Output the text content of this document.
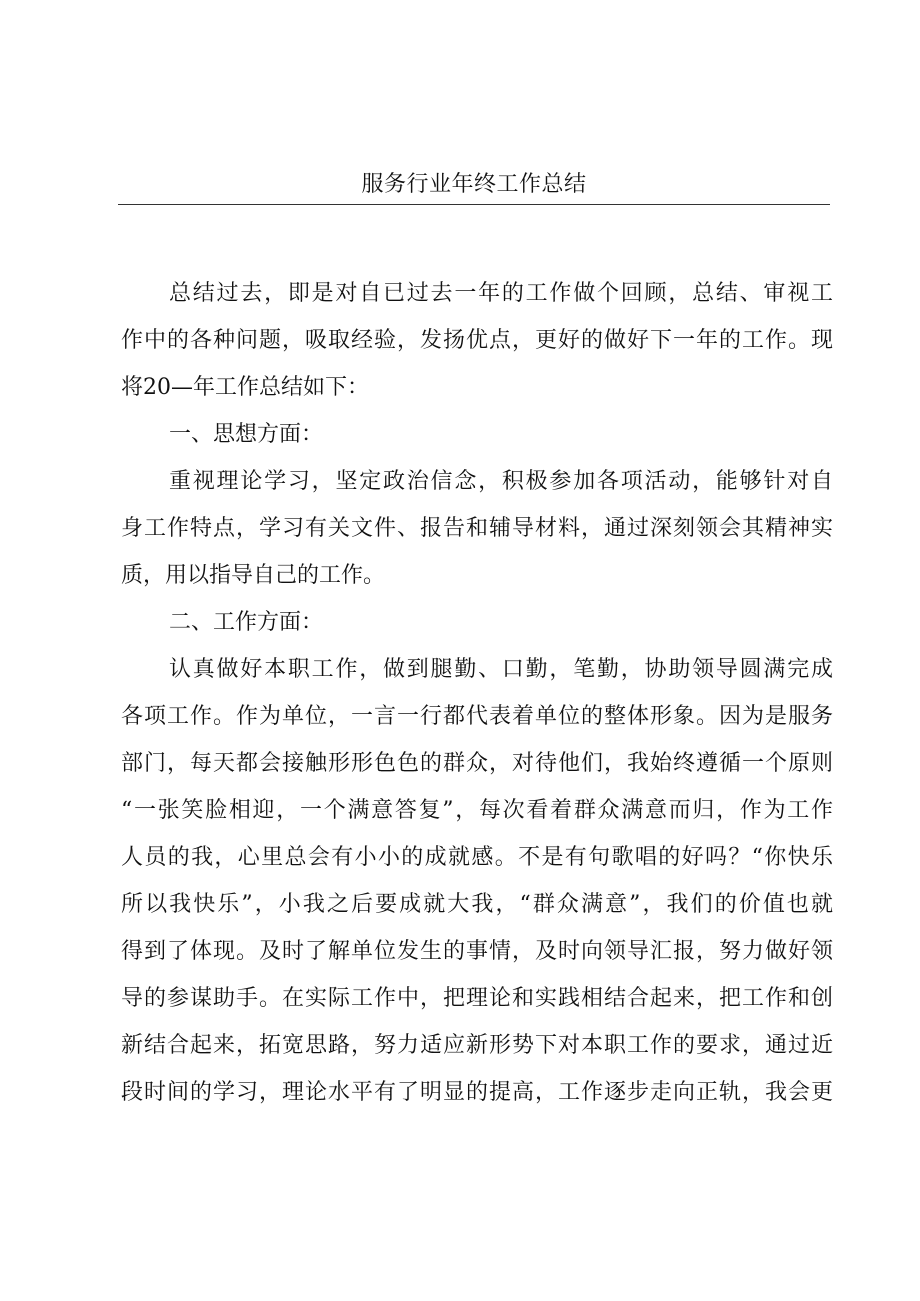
服务行业年终工作总结
总结过去，即是对自已过去一年的工作做个回顾，总结、审视工
作中的各种问题，吸取经验，发扬优点，更好的做好下一年的工作。现
将20—年工作总结如下：
一、思想方面：
重视理论学习，坚定政治信念，积极参加各项活动，能够针对自
身工作特点，学习有关文件、报告和辅导材料，通过深刻领会其精神实
质，用以指导自己的工作。
二、工作方面：
认真做好本职工作，做到腿勤、口勤，笔勤，协助领导圆满完成
各项工作。作为单位，一言一行都代表着单位的整体形象。因为是服务
部门，每天都会接触形形色色的群众，对待他们，我始终遵循一个原则
“一张笑脸相迎，一个满意答复”，每次看着群众满意而归，作为工作
人员的我，心里总会有小小的成就感。不是有句歌唱的好吗？“你快乐
所以我快乐”，小我之后要成就大我，“群众满意”，我们的价值也就
得到了体现。及时了解单位发生的事情，及时向领导汇报，努力做好领
导的参谋助手。在实际工作中，把理论和实践相结合起来，把工作和创
新结合起来，拓宽思路，努力适应新形势下对本职工作的要求，通过近
段时间的学习，理论水平有了明显的提高，工作逐步走向正轨，我会更
